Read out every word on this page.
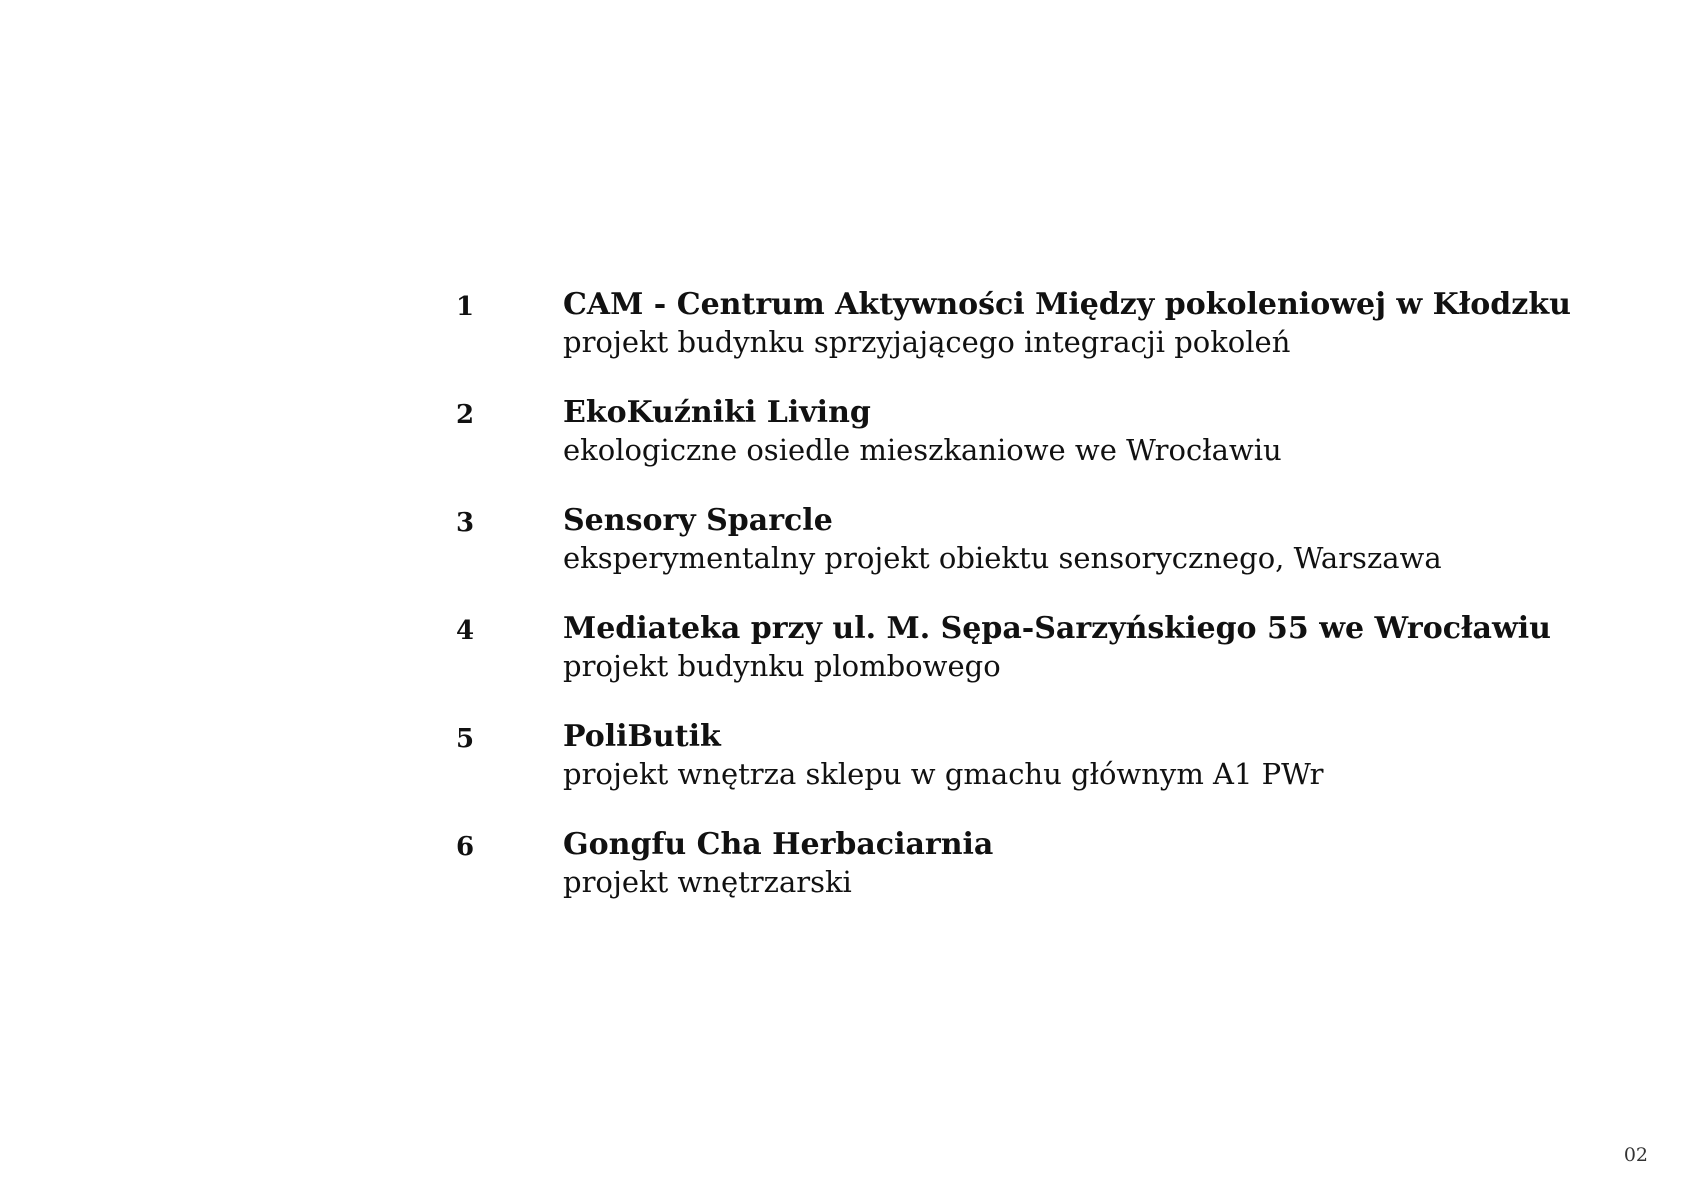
1	CAM - Centrum Aktywności Między pokoleniowej w Kłodzku
projekt budynku sprzyjającego integracji pokoleń
2	EkoKuźniki Living
ekologiczne osiedle mieszkaniowe we Wrocławiu
3	Sensory Sparcle
eksperymentalny projekt obiektu sensorycznego, Warszawa
4	Mediateka przy ul. M. Sępa-Sarzyńskiego 55 we Wrocławiu
projekt budynku plombowego
5	PoliButik
projekt wnętrza sklepu w gmachu głównym A1 PWr
6	Gongfu Cha Herbaciarnia
projekt wnętrzarski
02
